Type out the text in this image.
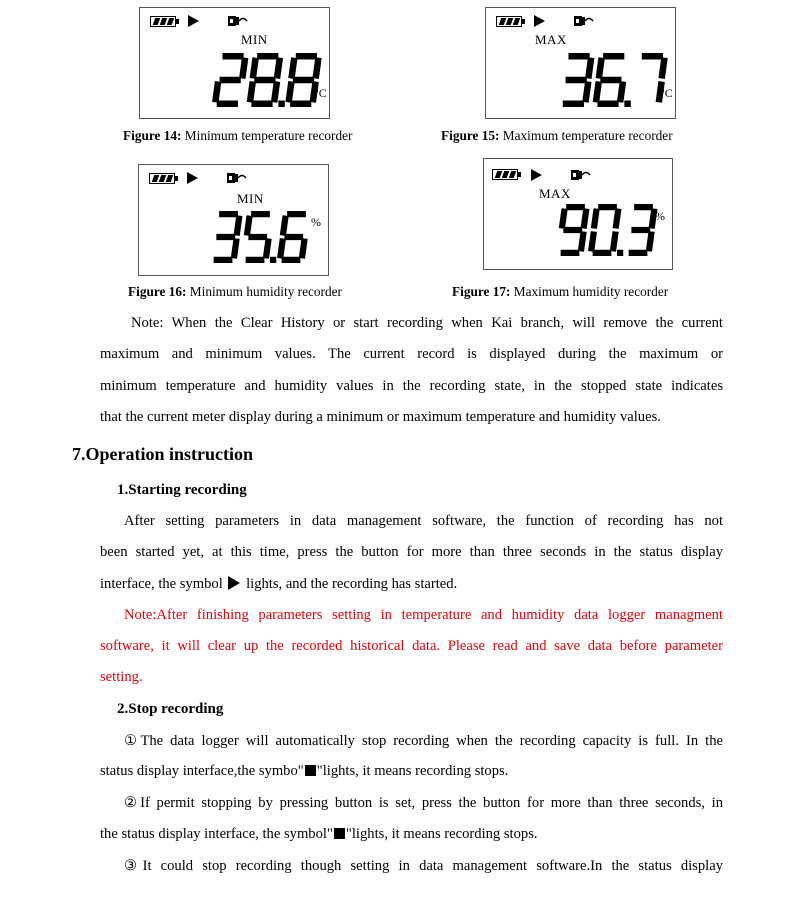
MIN
°C
Figure 14: Minimum temperature recorder
MAX
°C
Figure 15: Maximum temperature recorder
MIN
%
Figure 16: Minimum humidity recorder
MAX
%
Figure 17: Maximum humidity recorder
Note: When the Clear History or start recording when Kai branch, will remove the current
maximum and minimum values. The current record is displayed during the maximum or
minimum temperature and humidity values in the recording state, in the stopped state indicates
that the current meter display during a minimum or maximum temperature and humidity values.
7.Operation instruction
1.Starting recording
After setting parameters in data management software, the function of recording has not
been started yet, at this time, press the button for more than three seconds in the status display
interface, the symbol  lights, and the recording has started.
Note:After finishing parameters setting in temperature and humidity data logger managment
software, it will clear up the recorded historical data. Please read and save data before parameter
setting.
2.Stop recording
①The data logger will automatically stop recording when the recording capacity is full. In the
status display interface,the symbo" "lights, it means recording stops.
②If permit stopping by pressing button is set, press the button for more than three seconds, in
the status display interface, the symbol" "lights, it means recording stops.
③It could stop recording though setting in data management software.In the status display
